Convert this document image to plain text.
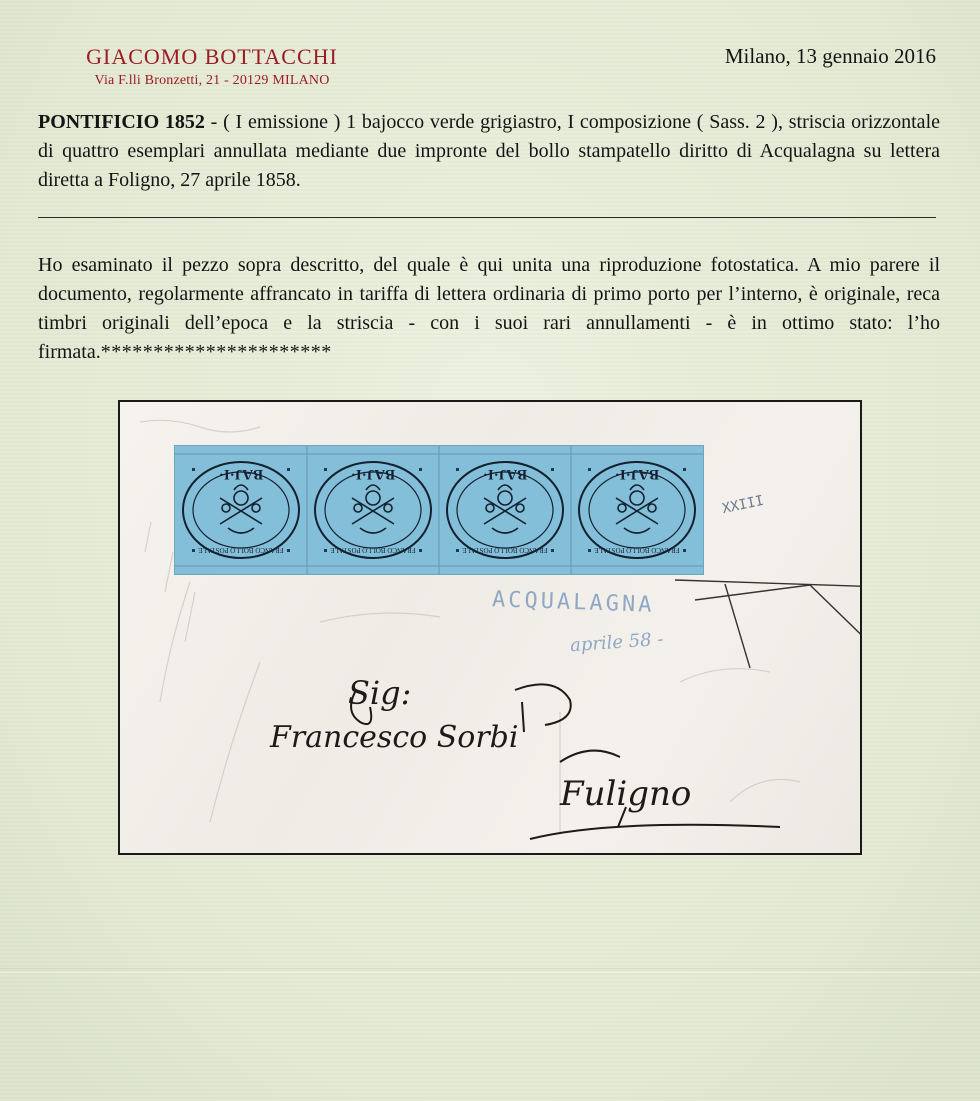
GIACOMO BOTTACCHI
Via F.lli Bronzetti, 21 - 20129 MILANO
Milano, 13 gennaio 2016
PONTIFICIO 1852 - ( I emissione ) 1 bajocco verde grigiastro, I composizione ( Sass. 2 ), striscia orizzontale di quattro esemplari annullata mediante due impronte del bollo stampatello diritto di Acqualagna su lettera diretta a Foligno, 27 aprile 1858.
Ho esaminato il pezzo sopra descritto, del quale è qui unita una riproduzione fotostatica. A mio parere il documento, regolarmente affrancato in tariffa di lettera ordinaria di primo porto per l’interno, è originale, reca timbri originali dell’epoca e la striscia - con i suoi rari annullamenti - è in ottimo stato: l’ho firmata.**********************
BAJ·I·
FRANCO BOLLO POSTALE
BAJ·I·
FRANCO BOLLO POSTALE
BAJ·I·
FRANCO BOLLO POSTALE
BAJ·I·
FRANCO BOLLO POSTALE
ACQUALAGNA
aprile 58 -
XXIII
Sig:
Francesco Sorbi
Fuligno
